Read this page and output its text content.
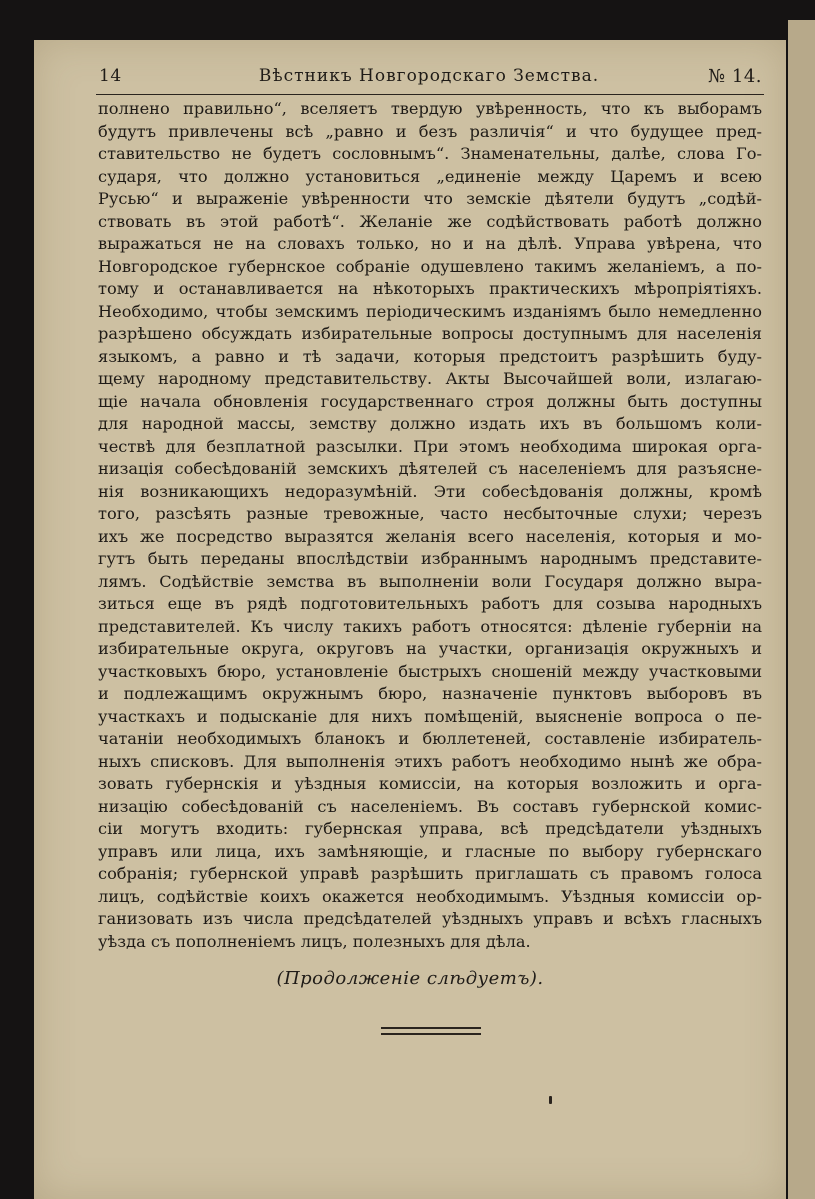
14	Вѣстникъ Новгородскаго Земства.	№ 14.
полнено правильно“, вселяетъ твердую увѣренность, что къ выборамъ
будутъ привлечены всѣ „равно и безъ различія“ и что будущее пред-
ставительство не будетъ сословнымъ“. Знаменательны, далѣе, слова Го-
сударя, что должно установиться „единеніе между Царемъ и всею
Русью“ и выраженіе увѣренности что земскіе дѣятели будутъ „содѣй-
ствовать въ этой работѣ“. Желаніе же содѣйствовать работѣ должно
выражаться не на словахъ только, но и на дѣлѣ. Управа увѣрена, что
Новгородское губернское собраніе одушевлено такимъ желаніемъ, а по-
тому и останавливается на нѣкоторыхъ практическихъ мѣропріятіяхъ.
Необходимо, чтобы земскимъ періодическимъ изданіямъ было немедленно
разрѣшено обсуждать избирательные вопросы доступнымъ для населенія
языкомъ, а равно и тѣ задачи, которыя предстоитъ разрѣшить буду-
щему народному представительству. Акты Высочайшей воли, излагаю-
щіе начала обновленія государственнаго строя должны быть доступны
для народной массы, земству должно издать ихъ въ большомъ коли-
чествѣ для безплатной разсылки. При этомъ необходима широкая орга-
низація собесѣдованій земскихъ дѣятелей съ населеніемъ для разъясне-
нія возникающихъ недоразумѣній. Эти собесѣдованія должны, кромѣ
того, разсѣять разные тревожные, часто несбыточные слухи; черезъ
ихъ же посредство выразятся желанія всего населенія, которыя и мо-
гутъ быть переданы впослѣдствіи избраннымъ народнымъ представите-
лямъ. Содѣйствіе земства въ выполненіи воли Государя должно выра-
зиться еще въ рядѣ подготовительныхъ работъ для созыва народныхъ
представителей. Къ числу такихъ работъ относятся: дѣленіе губерніи на
избирательные округа, округовъ на участки, организація окружныхъ и
участковыхъ бюро, установленіе быстрыхъ сношеній между участковыми
и подлежащимъ окружнымъ бюро, назначеніе пунктовъ выборовъ въ
участкахъ и подысканіе для нихъ помѣщеній, выясненіе вопроса о пе-
чатаніи необходимыхъ бланокъ и бюллетеней, составленіе избиратель-
ныхъ списковъ. Для выполненія этихъ работъ необходимо нынѣ же обра-
зовать губернскія и уѣздныя комиссіи, на которыя возложить и орга-
низацію собесѣдованій съ населеніемъ. Въ составъ губернской комис-
сіи могутъ входить: губернская управа, всѣ предсѣдатели уѣздныхъ
управъ или лица, ихъ замѣняющіе, и гласные по выбору губернскаго
собранія; губернской управѣ разрѣшить приглашать съ правомъ голоса
лицъ, содѣйствіе коихъ окажется необходимымъ. Уѣздныя комиссіи ор-
ганизовать изъ числа предсѣдателей уѣздныхъ управъ и всѣхъ гласныхъ
уѣзда съ пополненіемъ лицъ, полезныхъ для дѣла.
(Продолженіе слѣдуетъ).
